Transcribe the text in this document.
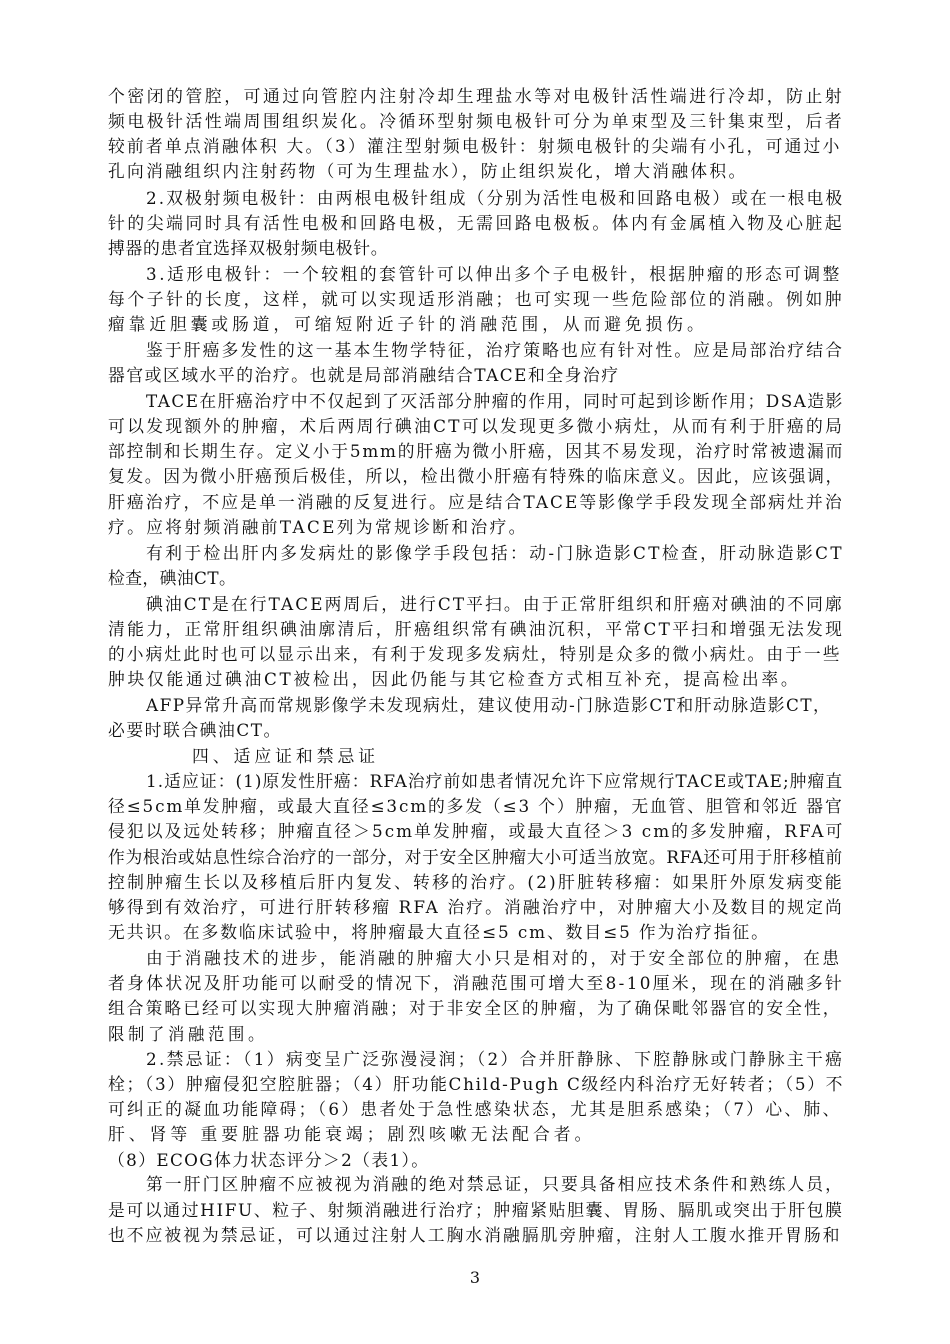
个密闭的管腔，可通过向管腔内注射冷却生理盐水等对电极针活性端进行冷却，防止射
频电极针活性端周围组织炭化。冷循环型射频电极针可分为单束型及三针集束型，后者
较前者单点消融体积 大。（3）灌注型射频电极针：射频电极针的尖端有小孔，可通过小
孔向消融组织内注射药物（可为生理盐水），防止组织炭化，增大消融体积。
2.双极射频电极针：由两根电极针组成（分别为活性电极和回路电极）或在一根电极
针的尖端同时具有活性电极和回路电极，无需回路电极板。体内有金属植入物及心脏起
搏器的患者宜选择双极射频电极针。
3.适形电极针：一个较粗的套管针可以伸出多个子电极针，根据肿瘤的形态可调整
每个子针的长度，这样，就可以实现适形消融；也可实现一些危险部位的消融。例如肿
瘤靠近胆囊或肠道，可缩短附近子针的消融范围，从而避免损伤。
鉴于肝癌多发性的这一基本生物学特征，治疗策略也应有针对性。应是局部治疗结合
器官或区域水平的治疗。也就是局部消融结合TACE和全身治疗
TACE在肝癌治疗中不仅起到了灭活部分肿瘤的作用，同时可起到诊断作用；DSA造影
可以发现额外的肿瘤，术后两周行碘油CT可以发现更多微小病灶，从而有利于肝癌的局
部控制和长期生存。定义小于5mm的肝癌为微小肝癌，因其不易发现，治疗时常被遗漏而
复发。因为微小肝癌预后极佳，所以，检出微小肝癌有特殊的临床意义。因此，应该强调，
肝癌治疗，不应是单一消融的反复进行。应是结合TACE等影像学手段发现全部病灶并治
疗。应将射频消融前TACE列为常规诊断和治疗。
有利于检出肝内多发病灶的影像学手段包括：动-门脉造影CT检查，肝动脉造影CT
检查，碘油CT。
碘油CT是在行TACE两周后，进行CT平扫。由于正常肝组织和肝癌对碘油的不同廓
清能力，正常肝组织碘油廓清后，肝癌组织常有碘油沉积，平常CT平扫和增强无法发现
的小病灶此时也可以显示出来，有利于发现多发病灶，特别是众多的微小病灶。由于一些
肿块仅能通过碘油CT被检出，因此仍能与其它检查方式相互补充，提高检出率。
AFP异常升高而常规影像学未发现病灶，建议使用动-门脉造影CT和肝动脉造影CT，
必要时联合碘油CT。
四、适应证和禁忌证
1.适应证：(1)原发性肝癌：RFA治疗前如患者情况允许下应常规行TACE或TAE;肿瘤直
径≤5cm单发肿瘤，或最大直径≤3cm的多发（≤3 个）肿瘤，无血管、胆管和邻近 器官
侵犯以及远处转移；肿瘤直径＞5cm单发肿瘤，或最大直径＞3 cm的多发肿瘤，RFA可
作为根治或姑息性综合治疗的一部分，对于安全区肿瘤大小可适当放宽。RFA还可用于肝移植前
控制肿瘤生长以及移植后肝内复发、转移的治疗。(2)肝脏转移瘤：如果肝外原发病变能
够得到有效治疗，可进行肝转移瘤 RFA 治疗。消融治疗中，对肿瘤大小及数目的规定尚
无共识。在多数临床试验中，将肿瘤最大直径≤5 cm、数目≤5 作为治疗指征。
由于消融技术的进步，能消融的肿瘤大小只是相对的，对于安全部位的肿瘤，在患
者身体状况及肝功能可以耐受的情况下，消融范围可增大至8-10厘米，现在的消融多针
组合策略已经可以实现大肿瘤消融；对于非安全区的肿瘤，为了确保毗邻器官的安全性，
限制了消融范围。
2.禁忌证：（1）病变呈广泛弥漫浸润；（2）合并肝静脉、下腔静脉或门静脉主干癌
栓；（3）肿瘤侵犯空腔脏器；（4）肝功能Child-Pugh C级经内科治疗无好转者；（5）不
可纠正的凝血功能障碍；（6）患者处于急性感染状态，尤其是胆系感染；（7）心、肺、
肝、肾等 重要脏器功能衰竭；剧烈咳嗽无法配合者。
（8）ECOG体力状态评分＞2（表1）。
第一肝门区肿瘤不应被视为消融的绝对禁忌证，只要具备相应技术条件和熟练人员，
是可以通过HIFU、粒子、射频消融进行治疗；肿瘤紧贴胆囊、胃肠、膈肌或突出于肝包膜
也不应被视为禁忌证，可以通过注射人工胸水消融膈肌旁肿瘤，注射人工腹水推开胃肠和
3
